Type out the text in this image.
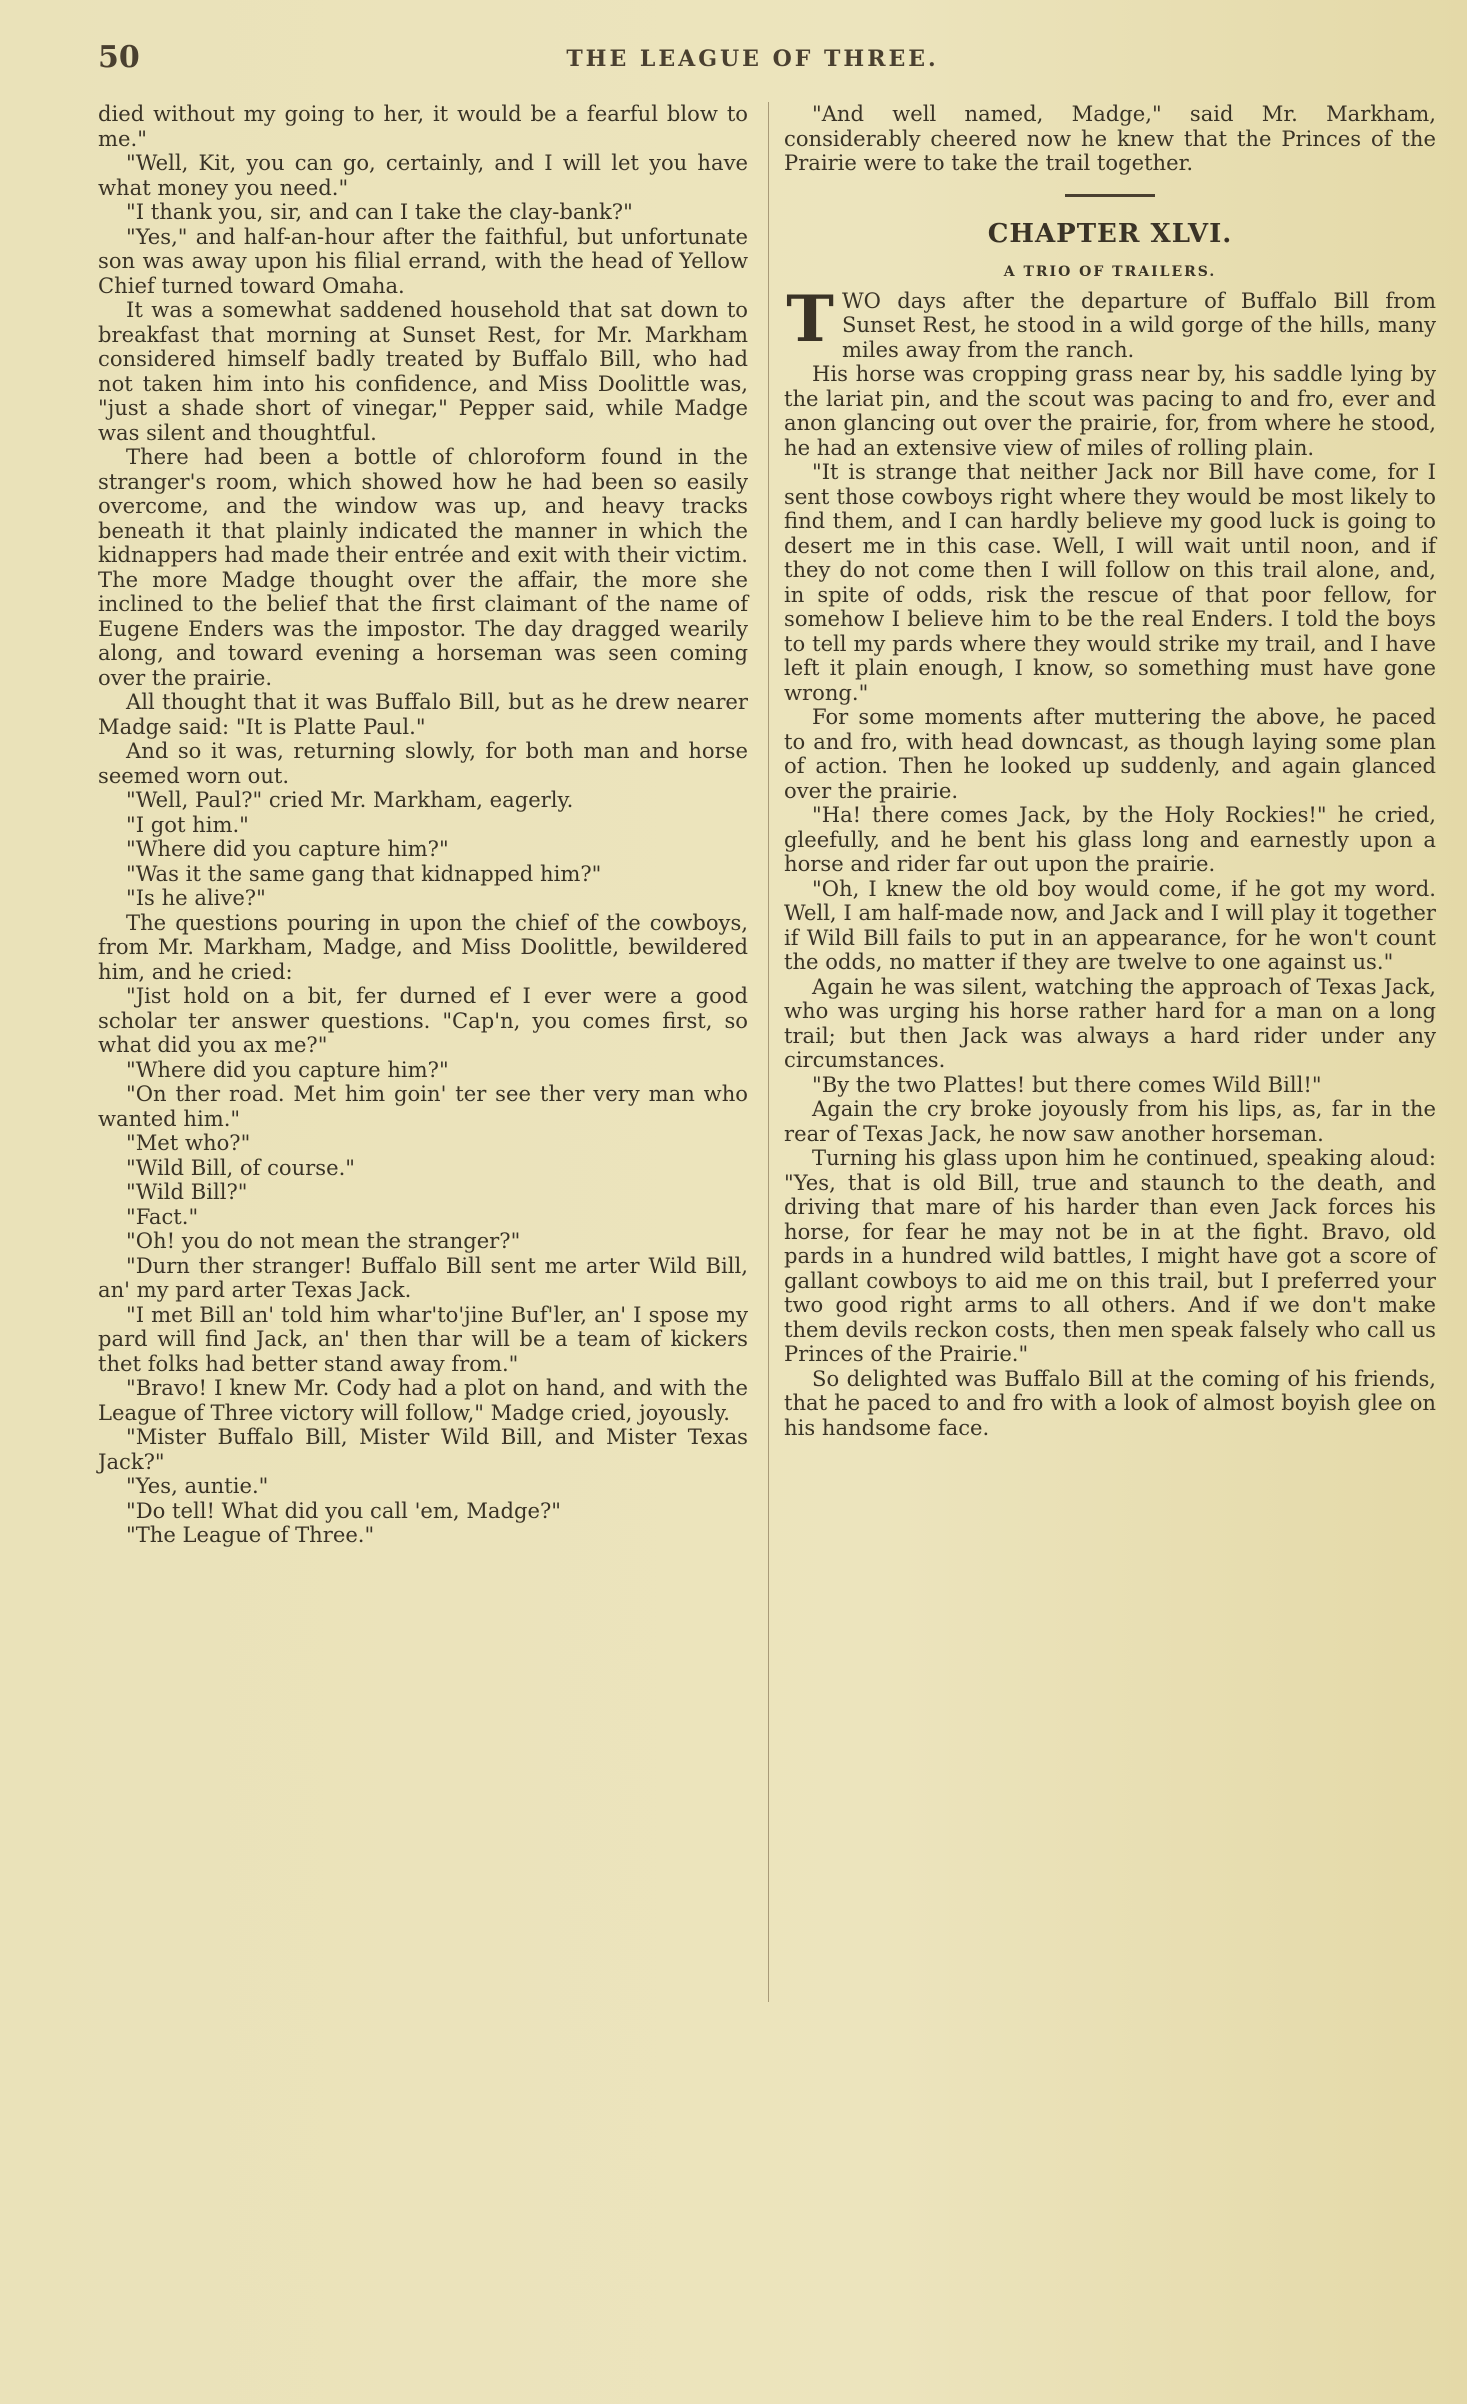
50	THE LEAGUE OF THREE.

died without my going to her, it would be a fearful blow to me."

"Well, Kit, you can go, certainly, and I will let you have what money you need."

"I thank you, sir, and can I take the clay-bank?"

"Yes," and half-an-hour after the faithful, but unfortunate son was away upon his filial errand, with the head of Yellow Chief turned toward Omaha.

It was a somewhat saddened household that sat down to breakfast that morning at Sunset Rest, for Mr. Markham considered himself badly treated by Buffalo Bill, who had not taken him into his confidence, and Miss Doolittle was, "just a shade short of vinegar," Pepper said, while Madge was silent and thoughtful.

There had been a bottle of chloroform found in the stranger's room, which showed how he had been so easily overcome, and the window was up, and heavy tracks beneath it that plainly indicated the manner in which the kidnappers had made their entrée and exit with their victim. The more Madge thought over the affair, the more she inclined to the belief that the first claimant of the name of Eugene Enders was the impostor. The day dragged wearily along, and toward evening a horseman was seen coming over the prairie.

All thought that it was Buffalo Bill, but as he drew nearer Madge said: "It is Platte Paul."

And so it was, returning slowly, for both man and horse seemed worn out.

"Well, Paul?" cried Mr. Markham, eagerly.

"I got him."

"Where did you capture him?"

"Was it the same gang that kidnapped him?"

"Is he alive?"

The questions pouring in upon the chief of the cowboys, from Mr. Markham, Madge, and Miss Doolittle, bewildered him, and he cried:

"Jist hold on a bit, fer durned ef I ever were a good scholar ter answer questions. "Cap'n, you comes first, so what did you ax me?"

"Where did you capture him?"

"On ther road. Met him goin' ter see ther very man who wanted him."

"Met who?"

"Wild Bill, of course."

"Wild Bill?"

"Fact."

"Oh! you do not mean the stranger?"

"Durn ther stranger! Buffalo Bill sent me arter Wild Bill, an' my pard arter Texas Jack.

"I met Bill an' told him whar'to'jine Buf'ler, an' I spose my pard will find Jack, an' then thar will be a team of kickers thet folks had better stand away from."

"Bravo! I knew Mr. Cody had a plot on hand, and with the League of Three victory will follow," Madge cried, joyously.

"Mister Buffalo Bill, Mister Wild Bill, and Mister Texas Jack?"

"Yes, auntie."

"Do tell! What did you call 'em, Madge?"

"The League of Three."

"And well named, Madge," said Mr. Markham, considerably cheered now he knew that the Princes of the Prairie were to take the trail together.

CHAPTER XLVI.
A TRIO OF TRAILERS.

TWO days after the departure of Buffalo Bill from Sunset Rest, he stood in a wild gorge of the hills, many miles away from the ranch.

His horse was cropping grass near by, his saddle lying by the lariat pin, and the scout was pacing to and fro, ever and anon glancing out over the prairie, for, from where he stood, he had an extensive view of miles of rolling plain.

"It is strange that neither Jack nor Bill have come, for I sent those cowboys right where they would be most likely to find them, and I can hardly believe my good luck is going to desert me in this case. Well, I will wait until noon, and if they do not come then I will follow on this trail alone, and, in spite of odds, risk the rescue of that poor fellow, for somehow I believe him to be the real Enders. I told the boys to tell my pards where they would strike my trail, and I have left it plain enough, I know, so something must have gone wrong."

For some moments after muttering the above, he paced to and fro, with head downcast, as though laying some plan of action. Then he looked up suddenly, and again glanced over the prairie.

"Ha! there comes Jack, by the Holy Rockies!" he cried, gleefully, and he bent his glass long and earnestly upon a horse and rider far out upon the prairie.

"Oh, I knew the old boy would come, if he got my word. Well, I am half-made now, and Jack and I will play it together if Wild Bill fails to put in an appearance, for he won't count the odds, no matter if they are twelve to one against us."

Again he was silent, watching the approach of Texas Jack, who was urging his horse rather hard for a man on a long trail; but then Jack was always a hard rider under any circumstances.

"By the two Plattes! but there comes Wild Bill!"

Again the cry broke joyously from his lips, as, far in the rear of Texas Jack, he now saw another horseman.

Turning his glass upon him he continued, speaking aloud: "Yes, that is old Bill, true and staunch to the death, and driving that mare of his harder than even Jack forces his horse, for fear he may not be in at the fight. Bravo, old pards in a hundred wild battles, I might have got a score of gallant cowboys to aid me on this trail, but I preferred your two good right arms to all others. And if we don't make them devils reckon costs, then men speak falsely who call us Princes of the Prairie."

So delighted was Buffalo Bill at the coming of his friends, that he paced to and fro with a look of almost boyish glee on his handsome face.
